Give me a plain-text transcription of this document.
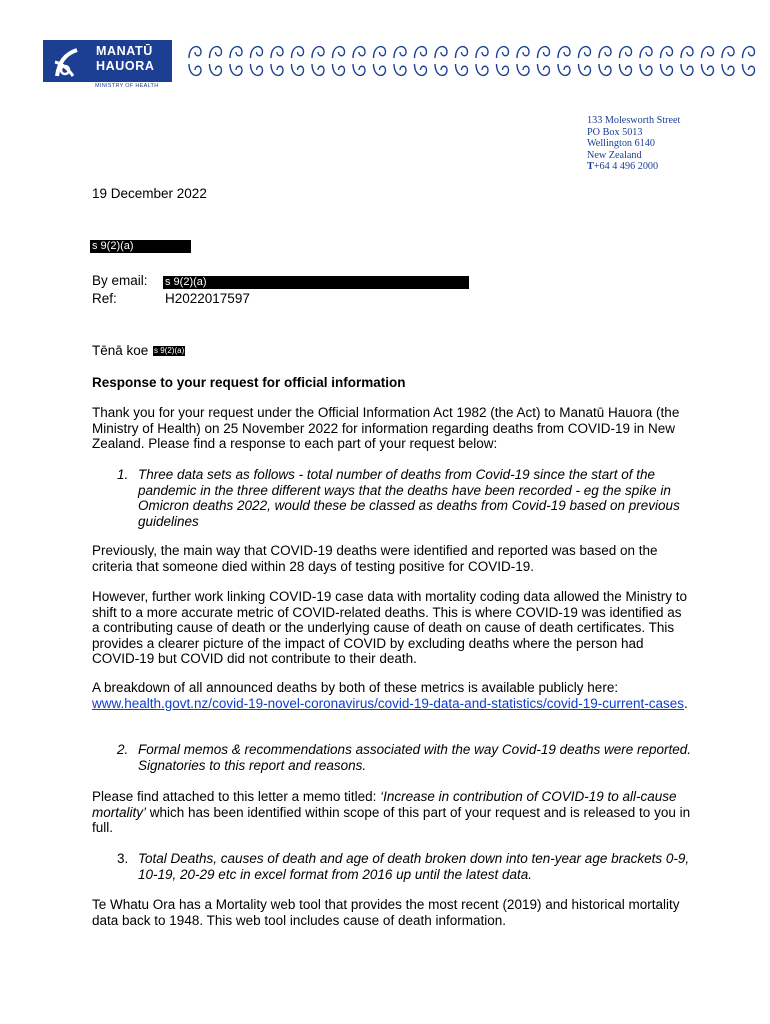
MANATŪ
HAUORA
MINISTRY OF HEALTH
133 Molesworth Street
PO Box 5013
Wellington 6140
New Zealand
T+64 4 496 2000
19 December 2022
s 9(2)(a)
By email: s 9(2)(a)
Ref:	H2022017597
Tēnā koe s 9(2)(a)
Response to your request for official information
Thank you for your request under the Official Information Act 1982 (the Act) to Manatū Hauora (the Ministry of Health) on 25 November 2022 for information regarding deaths from COVID-19 in New Zealand. Please find a response to each part of your request below:
1. Three data sets as follows - total number of deaths from Covid-19 since the start of the pandemic in the three different ways that the deaths have been recorded - eg the spike in Omicron deaths 2022, would these be classed as deaths from Covid-19 based on previous guidelines
Previously, the main way that COVID-19 deaths were identified and reported was based on the criteria that someone died within 28 days of testing positive for COVID-19.
However, further work linking COVID-19 case data with mortality coding data allowed the Ministry to shift to a more accurate metric of COVID-related deaths. This is where COVID-19 was identified as a contributing cause of death or the underlying cause of death on cause of death certificates. This provides a clearer picture of the impact of COVID by excluding deaths where the person had COVID-19 but COVID did not contribute to their death.
A breakdown of all announced deaths by both of these metrics is available publicly here:
www.health.govt.nz/covid-19-novel-coronavirus/covid-19-data-and-statistics/covid-19-current-cases.
2. Formal memos & recommendations associated with the way Covid-19 deaths were reported. Signatories to this report and reasons.
Please find attached to this letter a memo titled: ‘Increase in contribution of COVID-19 to all-cause mortality’ which has been identified within scope of this part of your request and is released to you in full.
3. Total Deaths, causes of death and age of death broken down into ten-year age brackets 0-9, 10-19, 20-29 etc in excel format from 2016 up until the latest data.
Te Whatu Ora has a Mortality web tool that provides the most recent (2019) and historical mortality data back to 1948. This web tool includes cause of death information.
